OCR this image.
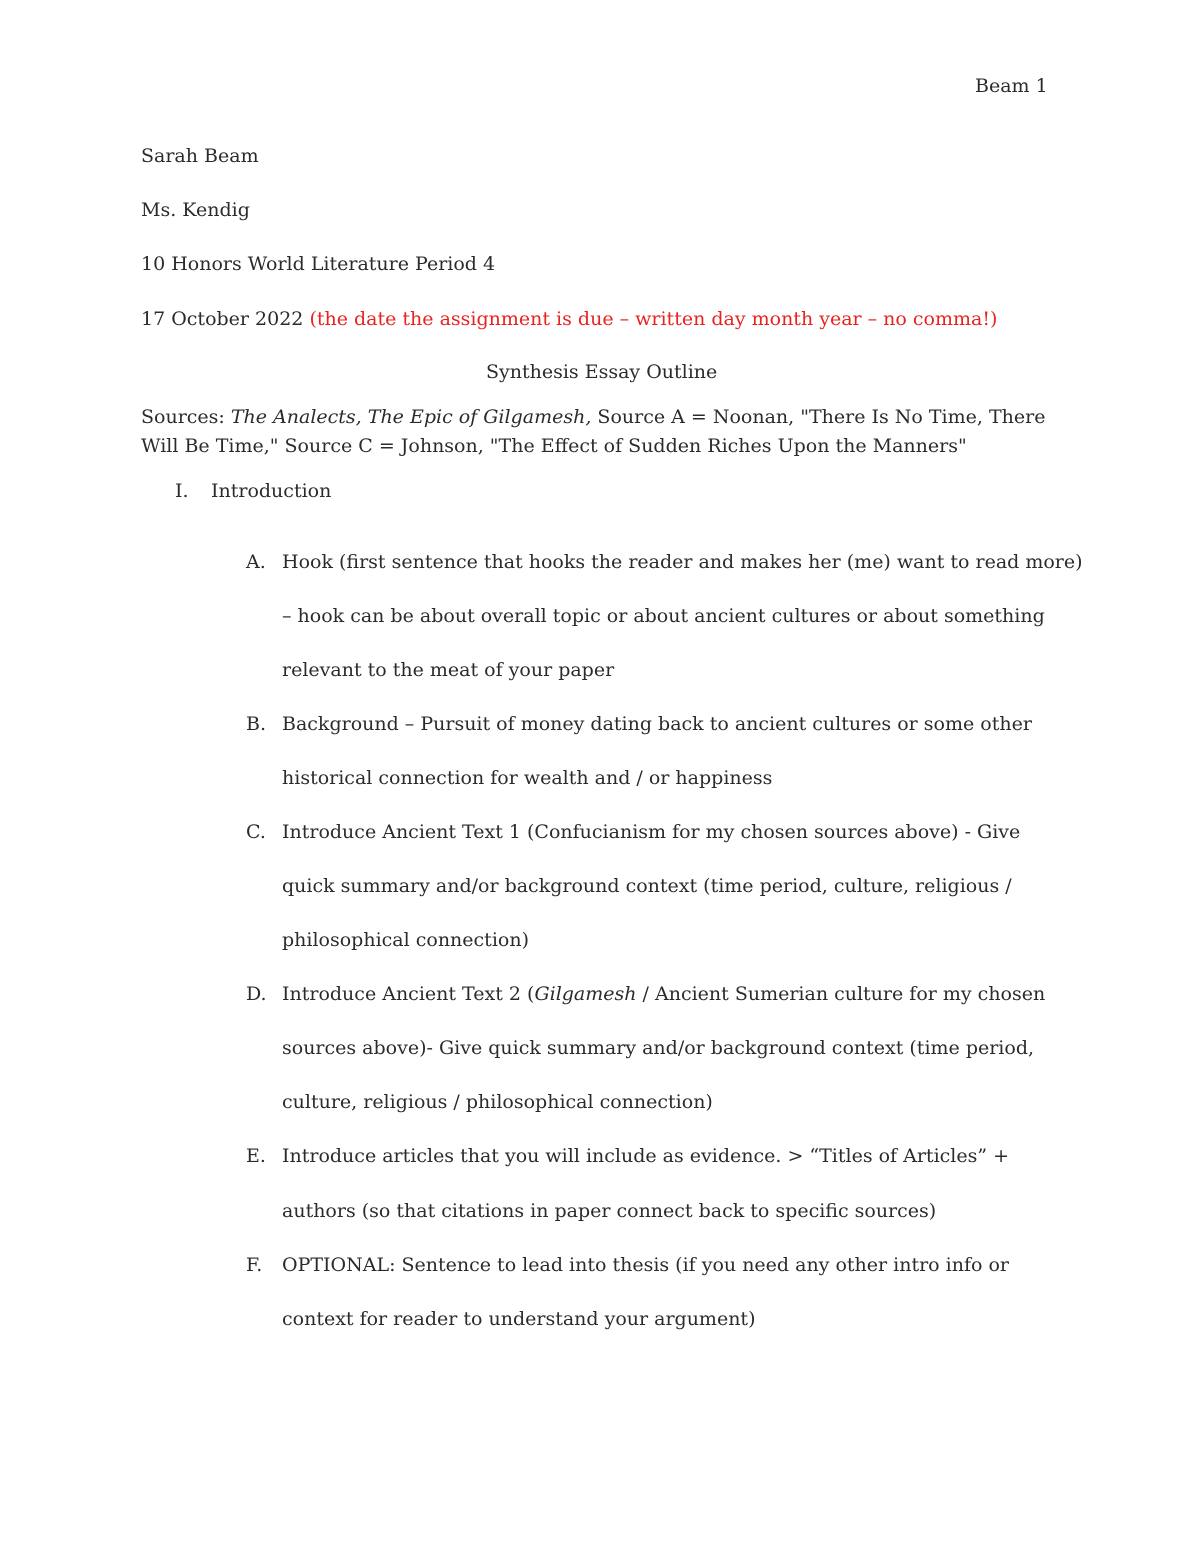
Beam 1
Sarah Beam
Ms. Kendig
10 Honors World Literature Period 4
17 October 2022 (the date the assignment is due – written day month year – no comma!)
Synthesis Essay Outline
Sources: The Analects, The Epic of Gilgamesh, Source A = Noonan, "There Is No Time, There
Will Be Time," Source C = Johnson, "The Effect of Sudden Riches Upon the Manners"
I. Introduction
A. Hook (first sentence that hooks the reader and makes her (me) want to read more)
– hook can be about overall topic or about ancient cultures or about something
relevant to the meat of your paper
B. Background – Pursuit of money dating back to ancient cultures or some other
historical connection for wealth and / or happiness
C. Introduce Ancient Text 1 (Confucianism for my chosen sources above) - Give
quick summary and/or background context (time period, culture, religious /
philosophical connection)
D. Introduce Ancient Text 2 (Gilgamesh / Ancient Sumerian culture for my chosen
sources above)- Give quick summary and/or background context (time period,
culture, religious / philosophical connection)
E. Introduce articles that you will include as evidence. > “Titles of Articles” +
authors (so that citations in paper connect back to specific sources)
F. OPTIONAL: Sentence to lead into thesis (if you need any other intro info or
context for reader to understand your argument)
